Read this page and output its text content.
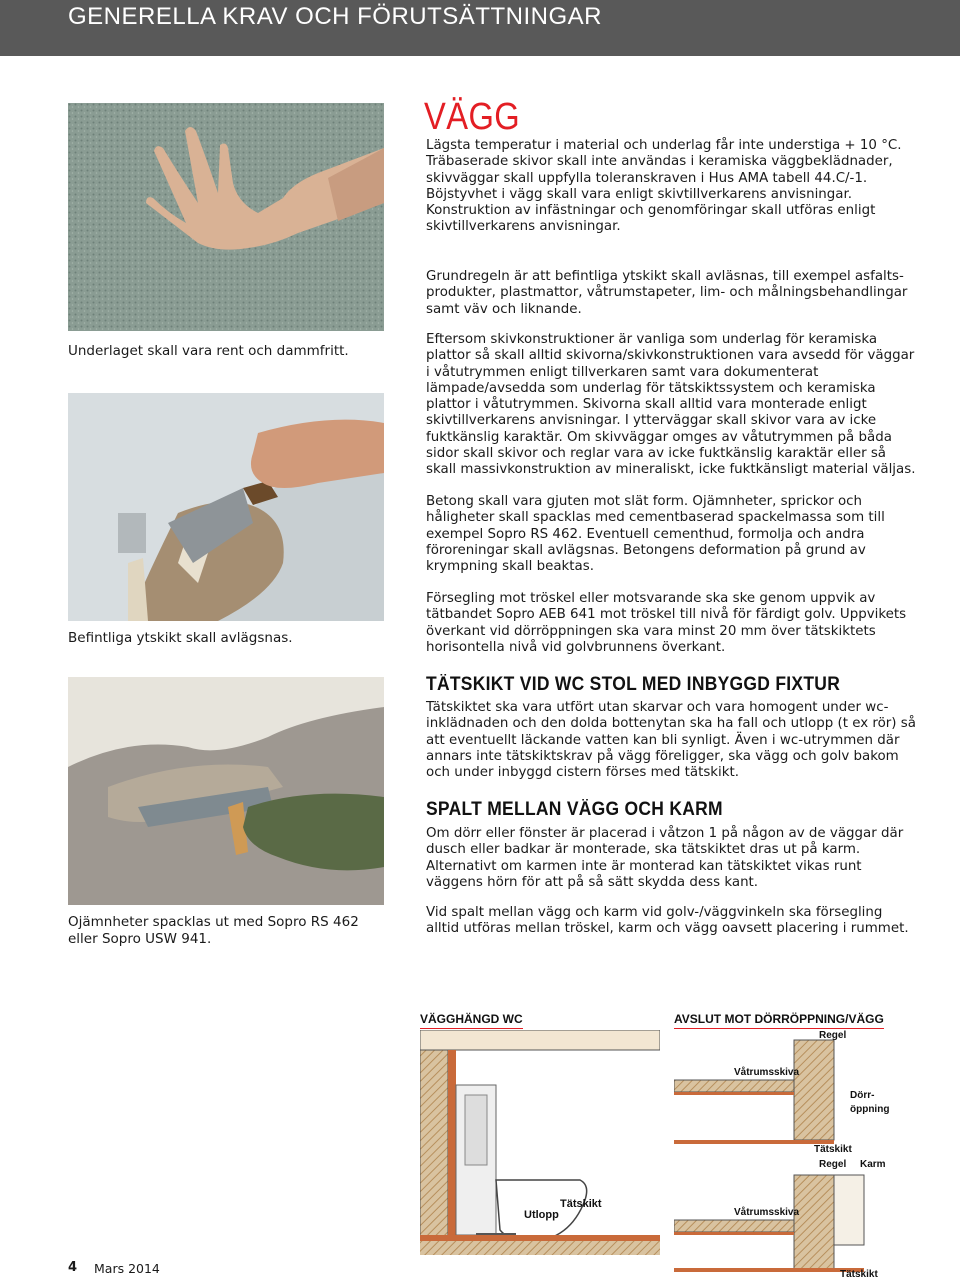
GENERELLA KRAV OCH FÖRUTSÄTTNINGAR
Underlaget skall vara rent och dammfritt.
Befintliga ytskikt skall avlägsnas.
Ojämnheter spacklas ut med Sopro RS 462 eller Sopro USW 941.
VÄGG
Lägsta temperatur i material och underlag får inte understiga + 10 °C. Träbaserade skivor skall inte användas i keramiska väggbeklädnader, skivväggar skall uppfylla toleranskraven i Hus AMA tabell 44.C/-1. Böjstyvhet i vägg skall vara enligt skivtillverkarens anvisningar. Konstruktion av infästningar och genomföringar skall utföras enligt skivtillverkarens anvisningar.
Grundregeln är att befintliga ytskikt skall avläsnas, till exempel asfalts-produkter, plastmattor, våtrumstapeter, lim- och målningsbehandlingar samt väv och liknande.
Eftersom skivkonstruktioner är vanliga som underlag för keramiska plattor så skall alltid skivorna/skivkonstruktionen vara avsedd för väggar i våtutrymmen enligt tillverkaren samt vara dokumenterat lämpade/avsedda som underlag för tätskiktssystem och keramiska plattor i våtutrymmen. Skivorna skall alltid vara monterade enligt skivtillverkarens anvisningar. I ytterväggar skall skivor vara av icke fuktkänslig karaktär. Om skivväggar omges av våtutrymmen på båda sidor skall skivor och reglar vara av icke fuktkänslig karaktär eller så skall massivkonstruktion av mineraliskt, icke fuktkänsligt material väljas.
Betong skall vara gjuten mot slät form. Ojämnheter, sprickor och håligheter skall spacklas med cementbaserad spackelmassa som till exempel Sopro RS 462. Eventuell cementhud, formolja och andra föroreningar skall avlägsnas. Betongens deformation på grund av krympning skall beaktas.
Försegling mot tröskel eller motsvarande ska ske genom uppvik av tätbandet Sopro AEB 641 mot tröskel till nivå för färdigt golv. Uppvikets överkant vid dörröppningen ska vara minst 20 mm över tätskiktets horisontella nivå vid golvbrunnens överkant.
TÄTSKIKT VID WC STOL MED INBYGGD FIXTUR
Tätskiktet ska vara utfört utan skarvar och vara homogent under wc-inklädnaden och den dolda bottenytan ska ha fall och utlopp (t ex rör) så att eventuellt läckande vatten kan bli synligt. Även i wc-utrymmen där annars inte tätskiktskrav på vägg föreligger, ska vägg och golv bakom och under inbyggd cistern förses med tätskikt.
SPALT MELLAN VÄGG OCH KARM
Om dörr eller fönster är placerad i våtzon 1 på någon av de väggar där dusch eller badkar är monterade, ska tätskiktet dras ut på karm. Alternativt om karmen inte är monterad kan tätskiktet vikas runt väggens hörn för att på så sätt skydda dess kant.
Vid spalt mellan vägg och karm vid golv-/väggvinkeln ska försegling alltid utföras mellan tröskel, karm och vägg oavsett placering i rummet.
VÄGGHÄNGD WC
Tätskikt
Utlopp
AVSLUT MOT DÖRRÖPPNING/VÄGG
Regel
Våtrumsskiva
Dörr-
öppning
Tätskikt
Regel Karm
Våtrumsskiva
Tätskikt
4 Mars 2014
